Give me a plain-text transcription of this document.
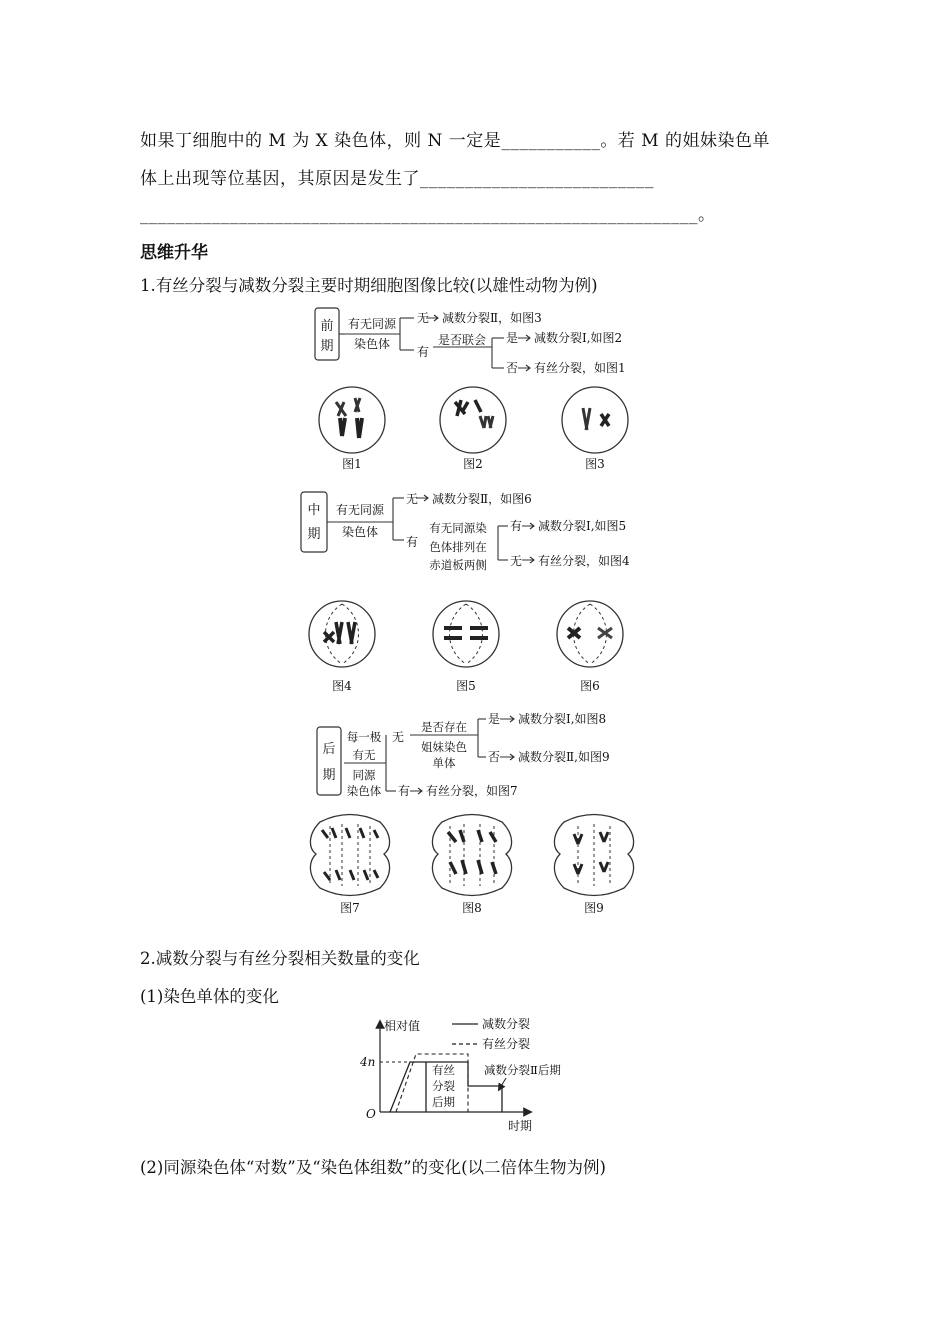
如果丁细胞中的 M 为 X 染色体，则 N 一定是___________。若 M 的姐妹染色单
体上出现等位基因，其原因是发生了__________________________
______________________________________________________________。
思维升华
1.有丝分裂与减数分裂主要时期细胞图像比较(以雄性动物为例)
前
期
有无同源
染色体
无 减数分裂Ⅱ，如图3
有
是否联会 是 减数分裂Ⅰ,如图2
否 有丝分裂，如图1
图1	图2	图3
中
期
有无同源
染色体
无 减数分裂Ⅱ，如图6
有
有无同源染
色体排列在
赤道板两侧
有 减数分裂Ⅰ,如图5
无 有丝分裂，如图4
图4	图5	图6
后
期
每一极
有无
同源
染色体
无
是否存在
姐妹染色
单体
是 减数分裂Ⅰ,如图8
否 减数分裂Ⅱ,如图9
有 有丝分裂，如图7
图7	图8	图9
2.减数分裂与有丝分裂相关数量的变化
(1)染色单体的变化
相对值
时期
4n
O
减数分裂
有丝分裂
有丝
分裂
后期
减数分裂Ⅱ后期
(2)同源染色体“对数”及“染色体组数”的变化(以二倍体生物为例)
